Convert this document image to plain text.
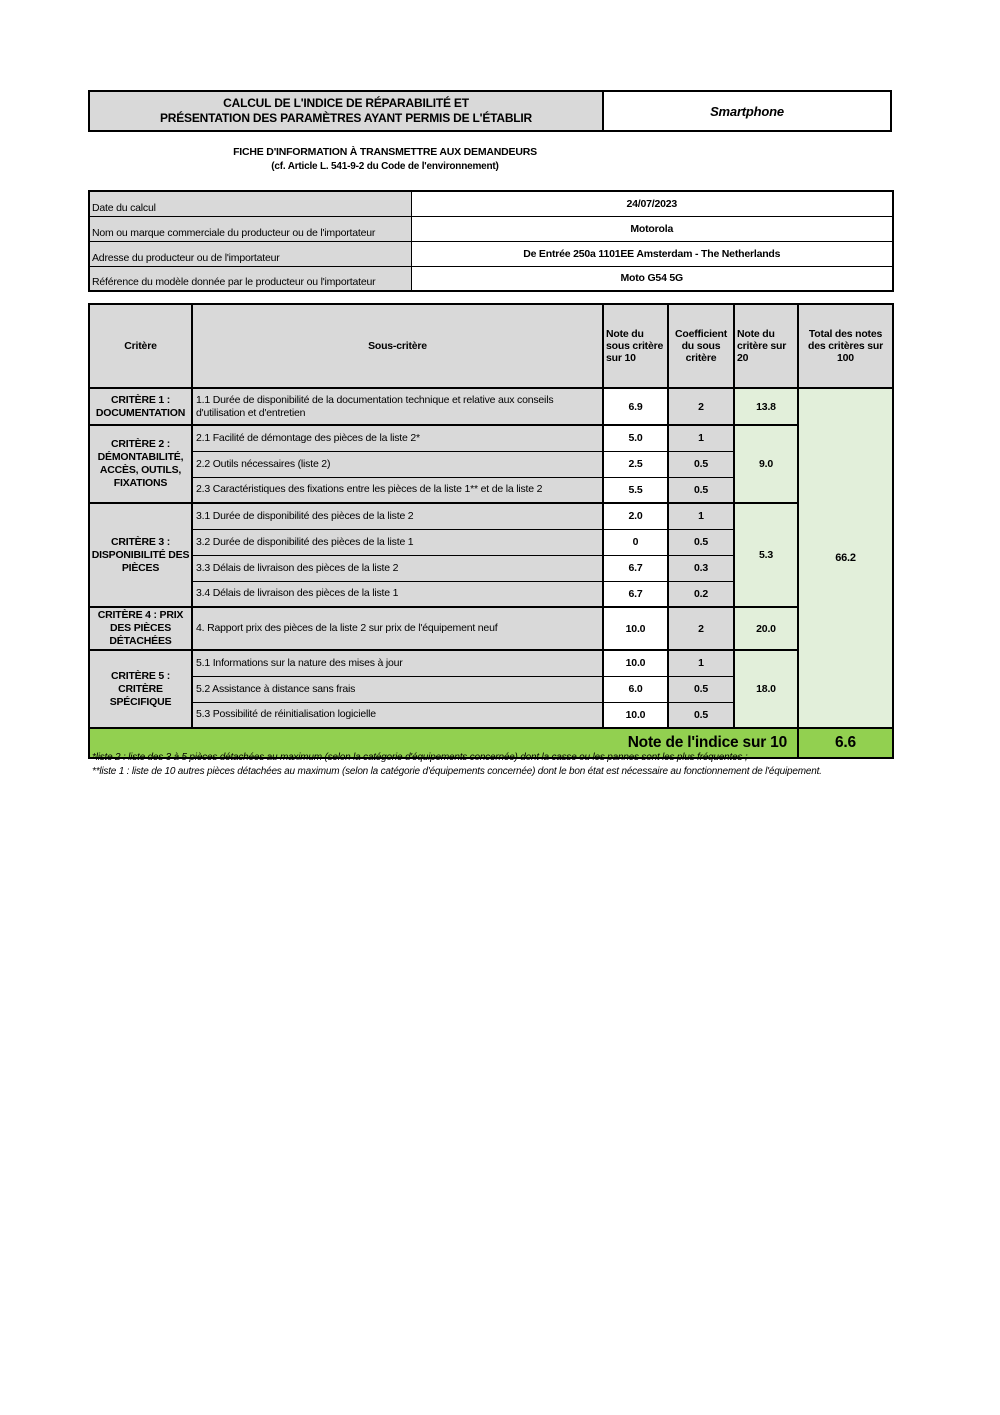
CALCUL DE L'INDICE DE RÉPARABILITÉ ET
PRÉSENTATION DES PARAMÈTRES AYANT PERMIS DE L'ÉTABLIR	Smartphone
FICHE D'INFORMATION À TRANSMETTRE AUX DEMANDEURS
(cf. Article L. 541-9-2 du Code de l'environnement)
Date du calcul	24/07/2023
Nom ou marque commerciale du producteur ou de l'importateur	Motorola
Adresse du producteur ou de l'importateur	De Entrée 250a 1101EE Amsterdam - The Netherlands
Référence du modèle donnée par le producteur ou l'importateur	Moto G54 5G
Critère	Sous-critère	Note du sous critère sur 10	Coefficient du sous critère	Note du critère sur 20	Total des notes des critères sur 100
CRITÈRE 1 : DOCUMENTATION	1.1 Durée de disponibilité de la documentation technique et relative aux conseils d'utilisation et d'entretien	6.9	2	13.8	66.2
CRITÈRE 2 : DÉMONTABILITÉ, ACCÈS, OUTILS, FIXATIONS	2.1 Facilité de démontage des pièces de la liste 2*	5.0	1	9.0	
	2.2 Outils nécessaires (liste 2)	2.5	0.5		
	2.3 Caractéristiques des fixations entre les pièces de la liste 1** et de la liste 2	5.5	0.5		
CRITÈRE 3 : DISPONIBILITÉ DES PIÈCES	3.1 Durée de disponibilité des pièces de la liste 2	2.0	1	5.3	
	3.2 Durée de disponibilité des pièces de la liste 1	0	0.5		
	3.3 Délais de livraison des pièces de la liste 2	6.7	0.3		
	3.4 Délais de livraison des pièces de la liste 1	6.7	0.2		
CRITÈRE 4 : PRIX DES PIÈCES DÉTACHÉES	4. Rapport prix des pièces de la liste 2 sur prix de l'équipement neuf	10.0	2	20.0	
CRITÈRE 5 : CRITÈRE SPÉCIFIQUE	5.1 Informations sur la nature des mises à jour	10.0	1	18.0	
	5.2 Assistance à distance sans frais	6.0	0.5		
	5.3 Possibilité de réinitialisation logicielle	10.0	0.5		
Note de l'indice sur 10					6.6
*liste 2 : liste des 3 à 5 pièces détachées au maximum (selon la catégorie d'équipements concernée) dont la casse ou les pannes sont les plus fréquentes ;
**liste 1 : liste de 10 autres pièces détachées au maximum (selon la catégorie d'équipements concernée) dont le bon état est nécessaire au fonctionnement de l'équipement.
